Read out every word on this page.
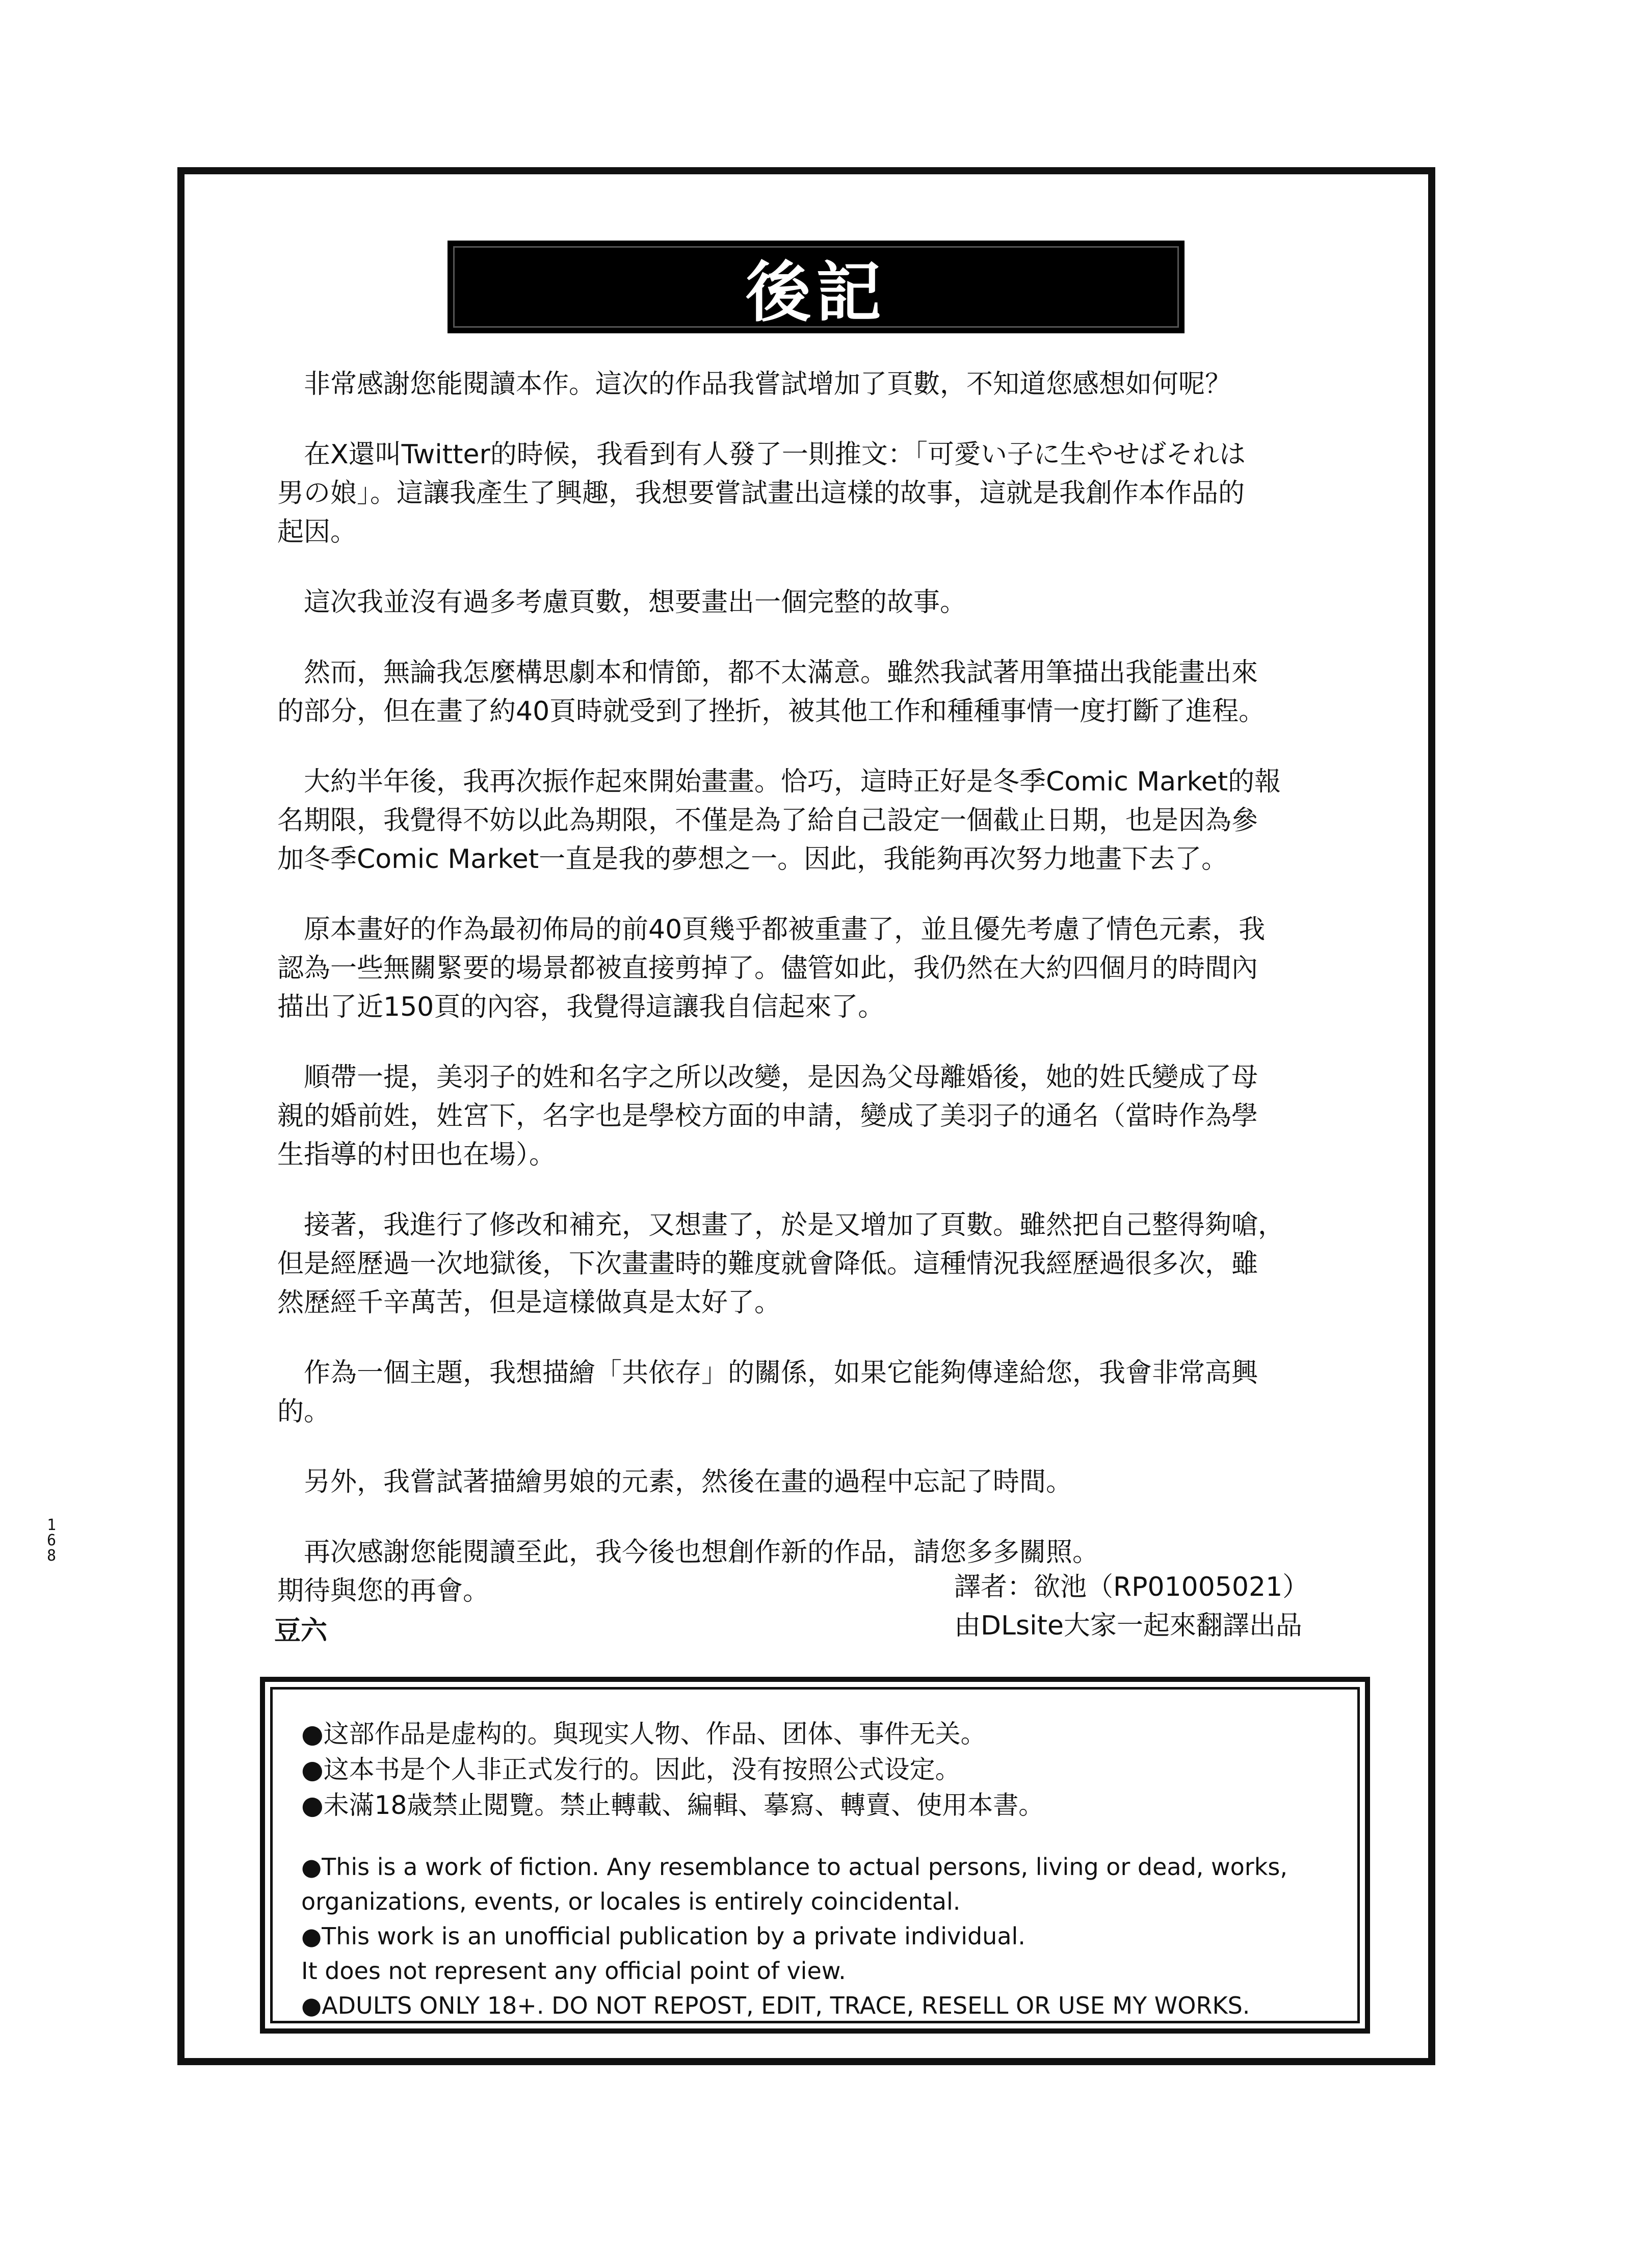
後記

非常感謝您能閱讀本作。這次的作品我嘗試增加了頁數，不知道您感想如何呢？

在X還叫Twitter的時候，我看到有人發了一則推文：「可愛い子に生やせばそれは
男の娘」。這讓我產生了興趣，我想要嘗試畫出這樣的故事，這就是我創作本作品的
起因。

這次我並沒有過多考慮頁數，想要畫出一個完整的故事。

然而，無論我怎麼構思劇本和情節，都不太滿意。雖然我試著用筆描出我能畫出來
的部分，但在畫了約40頁時就受到了挫折，被其他工作和種種事情一度打斷了進程。

大約半年後，我再次振作起來開始畫畫。恰巧，這時正好是冬季Comic Market的報
名期限，我覺得不妨以此為期限，不僅是為了給自己設定一個截止日期，也是因為參
加冬季Comic Market一直是我的夢想之一。因此，我能夠再次努力地畫下去了。

原本畫好的作為最初佈局的前40頁幾乎都被重畫了，並且優先考慮了情色元素，我
認為一些無關緊要的場景都被直接剪掉了。儘管如此，我仍然在大約四個月的時間內
描出了近150頁的內容，我覺得這讓我自信起來了。

順帶一提，美羽子的姓和名字之所以改變，是因為父母離婚後，她的姓氏變成了母
親的婚前姓，姓宮下，名字也是學校方面的申請，變成了美羽子的通名（當時作為學
生指導的村田也在場）。

接著，我進行了修改和補充，又想畫了，於是又增加了頁數。雖然把自己整得夠嗆，
但是經歷過一次地獄後，下次畫畫時的難度就會降低。這種情況我經歷過很多次，雖
然歷經千辛萬苦，但是這樣做真是太好了。

作為一個主題，我想描繪「共依存」的關係，如果它能夠傳達給您，我會非常高興
的。

另外，我嘗試著描繪男娘的元素，然後在畫的過程中忘記了時間。

再次感謝您能閱讀至此，我今後也想創作新的作品，請您多多關照。
期待與您的再會。	譯者：欲池（RP01005021）
由DLsite大家一起來翻譯出品
豆六
●这部作品是虚构的。與现实人物、作品、团体、事件无关。
●这本书是个人非正式发行的。因此，没有按照公式设定。
●未滿18歳禁止閲覽。禁止轉載、編輯、摹寫、轉賣、使用本書。
●This is a work of fiction. Any resemblance to actual persons, living or dead, works,
organizations, events, or locales is entirely coincidental.
●This work is an unofficial publication by a private individual.
It does not represent any official point of view.
●ADULTS ONLY 18+. DO NOT REPOST, EDIT, TRACE, RESELL OR USE MY WORKS.
168
